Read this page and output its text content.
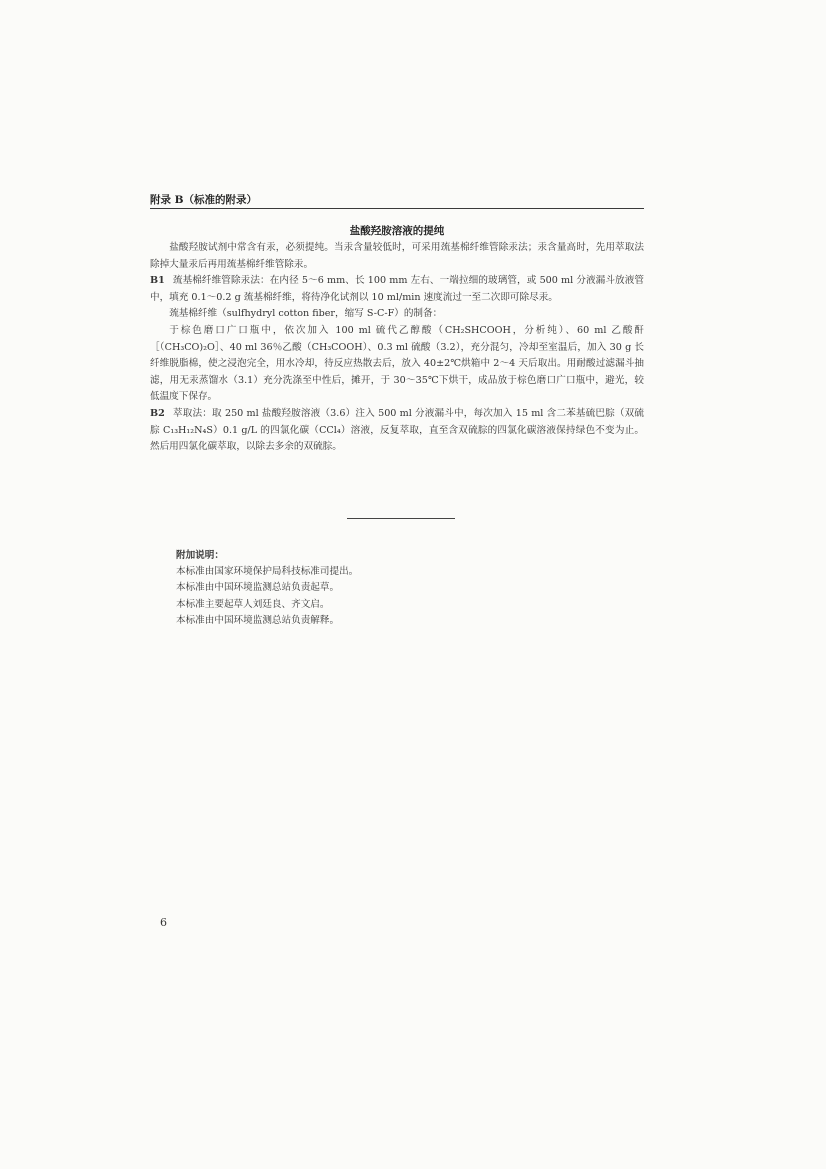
附录 B（标准的附录）
盐酸羟胺溶液的提纯

盐酸羟胺试剂中常含有汞，必须提纯。当汞含量较低时，可采用巯基棉纤维管除汞法；汞含量高时，先用萃取法除掉大量汞后再用巯基棉纤维管除汞。

B1 巯基棉纤维管除汞法：在内径 5～6 mm、长 100 mm 左右、一端拉细的玻璃管，或 500 ml 分液漏斗放液管中，填充 0.1～0.2 g 巯基棉纤维，将待净化试剂以 10 ml/min 速度流过一至二次即可除尽汞。

巯基棉纤维（sulfhydryl cotton fiber，缩写 S-C-F）的制备：

于棕色磨口广口瓶中，依次加入 100 ml 硫代乙醇酸（CH₂SHCOOH，分析纯）、60 ml 乙酸酐［（CH₃CO)₂O］、40 ml 36％乙酸（CH₃COOH）、0.3 ml 硫酸（3.2），充分混匀，冷却至室温后，加入 30 g 长纤维脱脂棉，使之浸泡完全，用水冷却，待反应热散去后，放入 40±2℃烘箱中 2～4 天后取出。用耐酸过滤漏斗抽滤，用无汞蒸馏水（3.1）充分洗涤至中性后，摊开，于 30～35℃下烘干，成品放于棕色磨口广口瓶中，避光，较低温度下保存。

B2 萃取法：取 250 ml 盐酸羟胺溶液（3.6）注入 500 ml 分液漏斗中，每次加入 15 ml 含二苯基硫巴腙（双硫腙 C₁₃H₁₂N₄S）0.1 g/L 的四氯化碳（CCl₄）溶液，反复萃取，直至含双硫腙的四氯化碳溶液保持绿色不变为止。然后用四氯化碳萃取，以除去多余的双硫腙。

附加说明：

本标准由国家环境保护局科技标准司提出。

本标准由中国环境监测总站负责起草。

本标准主要起草人刘廷良、齐文启。

本标准由中国环境监测总站负责解释。

6
